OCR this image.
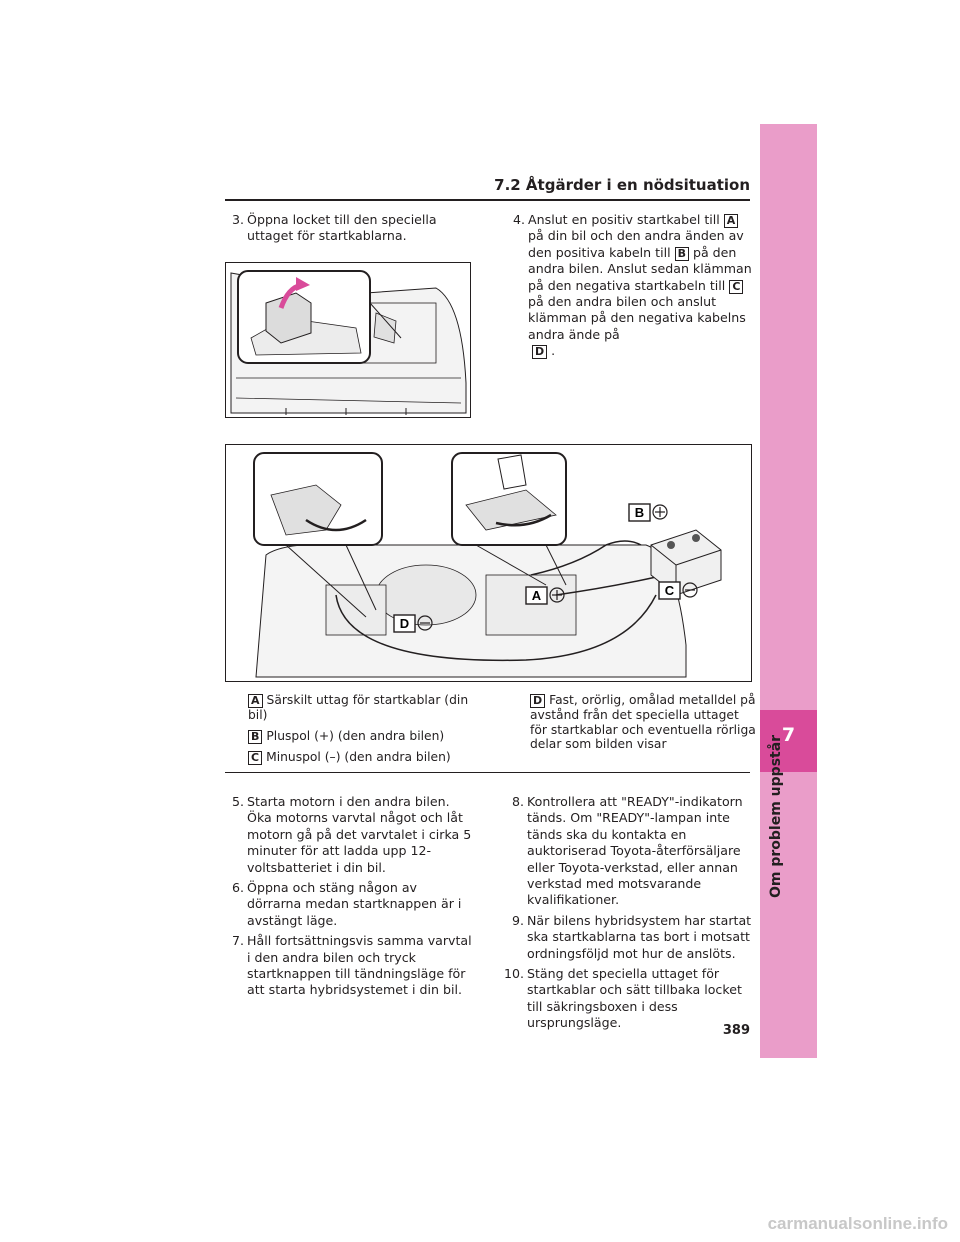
7
Om problem uppstår
7.2 Åtgärder i en nödsituation
3. Öppna locket till den speciella uttaget för startkablarna.
4. Anslut en positiv startkabel till Apå din bil och den andra änden av den positiva kabeln till B på den andra bilen. Anslut sedan klämman på den negativa startkabeln till Cpå den andra bilen och anslut klämman på den negativa kabelns andra ände på
D .
B
C
A
D
A Särskilt uttag för startkablar (din bil)
B Pluspol (+) (den andra bilen)
C Minuspol (–) (den andra bilen)
D Fast, orörlig, omålad metalldel på avstånd från det speciella uttaget för startkablar och eventuella rörliga delar som bilden visar
5. Starta motorn i den andra bilen. Öka motorns varvtal något och låt motorn gå på det varvtalet i cirka 5 minuter för att ladda upp 12-voltsbatteriet i din bil.
6. Öppna och stäng någon av dörrarna medan startknappen är i avstängt läge.
7. Håll fortsättningsvis samma varvtal i den andra bilen och tryck startknappen till tändningsläge för att starta hybridsystemet i din bil.
8. Kontrollera att "READY"-indikatorn tänds. Om "READY"-lampan inte tänds ska du kontakta en auktoriserad Toyota-återförsäljare eller Toyota-verkstad, eller annan verkstad med motsvarande kvalifikationer.
9. När bilens hybridsystem har startat ska startkablarna tas bort i motsatt ordningsföljd mot hur de anslöts.
10. Stäng det speciella uttaget för startkablar och sätt tillbaka locket till säkringsboxen i dess ursprungsläge.
389
carmanualsonline.info
